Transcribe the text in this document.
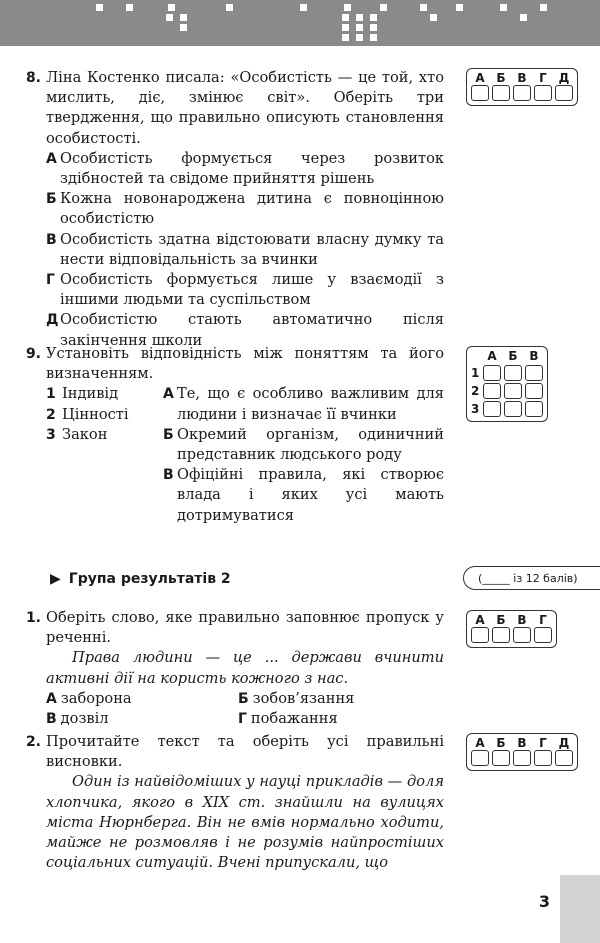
8. Ліна Костенко писала: «Особистість — це той, хто мислить, діє, змінює світ». Оберіть три твердження, що правильно описують становлення особистості.
А Особистість формується через розвиток здібностей та свідоме прийняття рішень
Б Кожна новонароджена дитина є повноцінною особистістю
В Особистість здатна відстоювати власну думку та нести відповідальність за вчинки
Г Особистість формується лише у взаємодії з іншими людьми та суспільством
Д Особистістю стають автоматично після закінчення школи
А Б В	Г Д
9. Установіть відповідність між поняттям та його визначенням.
1 Індивід
2 Цінності
3 Закон
А Те, що є особливо важливим для людини і визначає її вчинки
Б Окремий організм, одиничний представник людського роду
В Офіційні правила, які створює влада і яких усі мають дотримуватися
А Б В
1
2
3
▶ Група результатів 2	(_____ із 12 балів)
1. Оберіть слово, яке правильно заповнює пропуск у реченні.
Права людини — це ... держави вчинити активні дії на користь кожного з нас.
А заборона	Б зобов’язання
В дозвіл	Г побажання
А Б В	Г
2. Прочитайте текст та оберіть усі правильні висновки.
Один із найвідоміших у науці прикладів — доля хлопчика, якого в XIX ст. знайшли на вулицях міста Нюрнберга. Він не вмів нормально ходити, майже не розмовляв і не розумів найпростіших соціальних ситуацій. Вчені припускали, що
А Б В	Г Д
3
